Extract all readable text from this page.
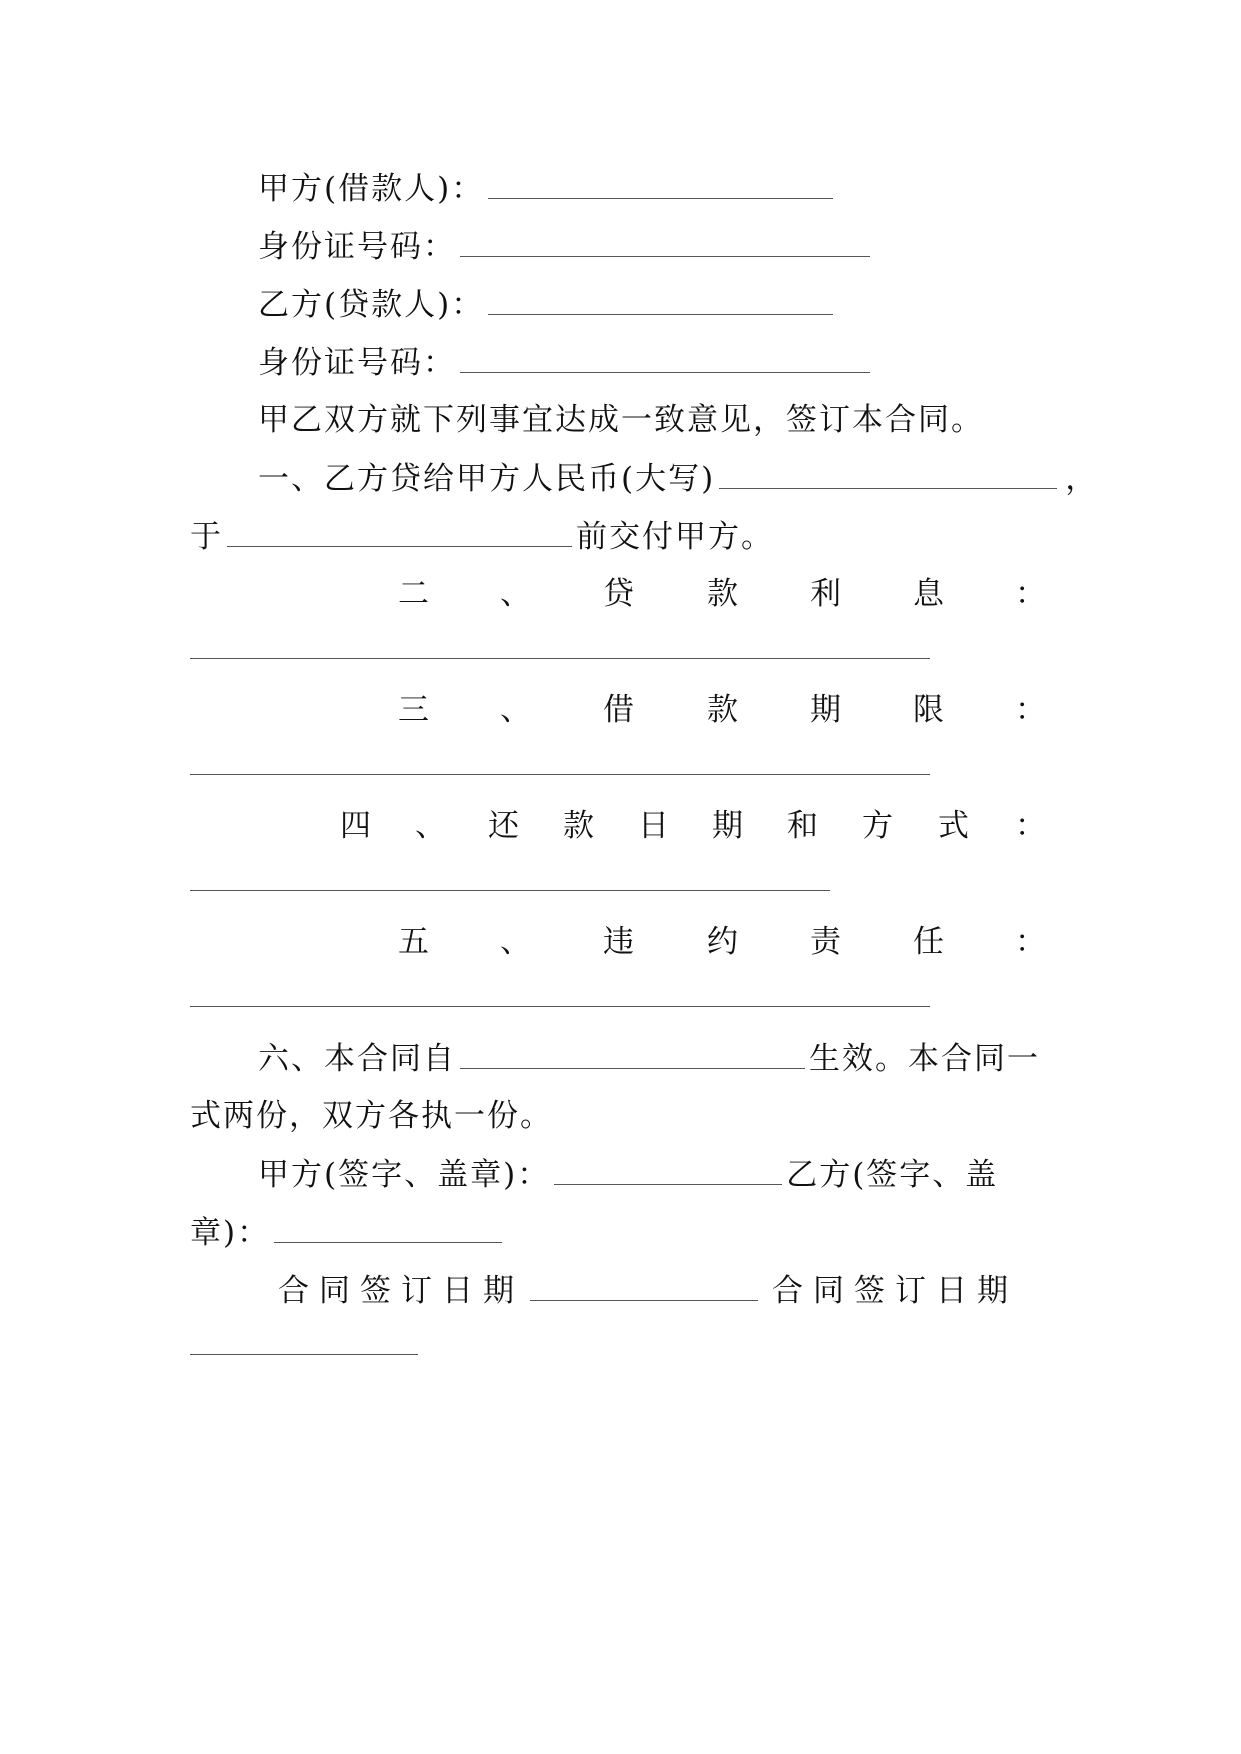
甲方(借款人)：
身份证号码：
乙方(贷款人)：
身份证号码：
甲乙双方就下列事宜达成一致意见，签订本合同。
一、乙方贷给甲方人民币(大写)	，
于	前交付甲方。
二 、 贷 款 利 息 ：
三 、 借 款 期 限 ：
四 、 还 款 日 期 和 方 式 ：
五 、 违 约 责 任 ：
六、本合同自	生效。本合同一
式两份，双方各执一份。
甲方(签字、盖章)：	乙方(签字、盖
章)：
合同签订日期	合同签订日期
